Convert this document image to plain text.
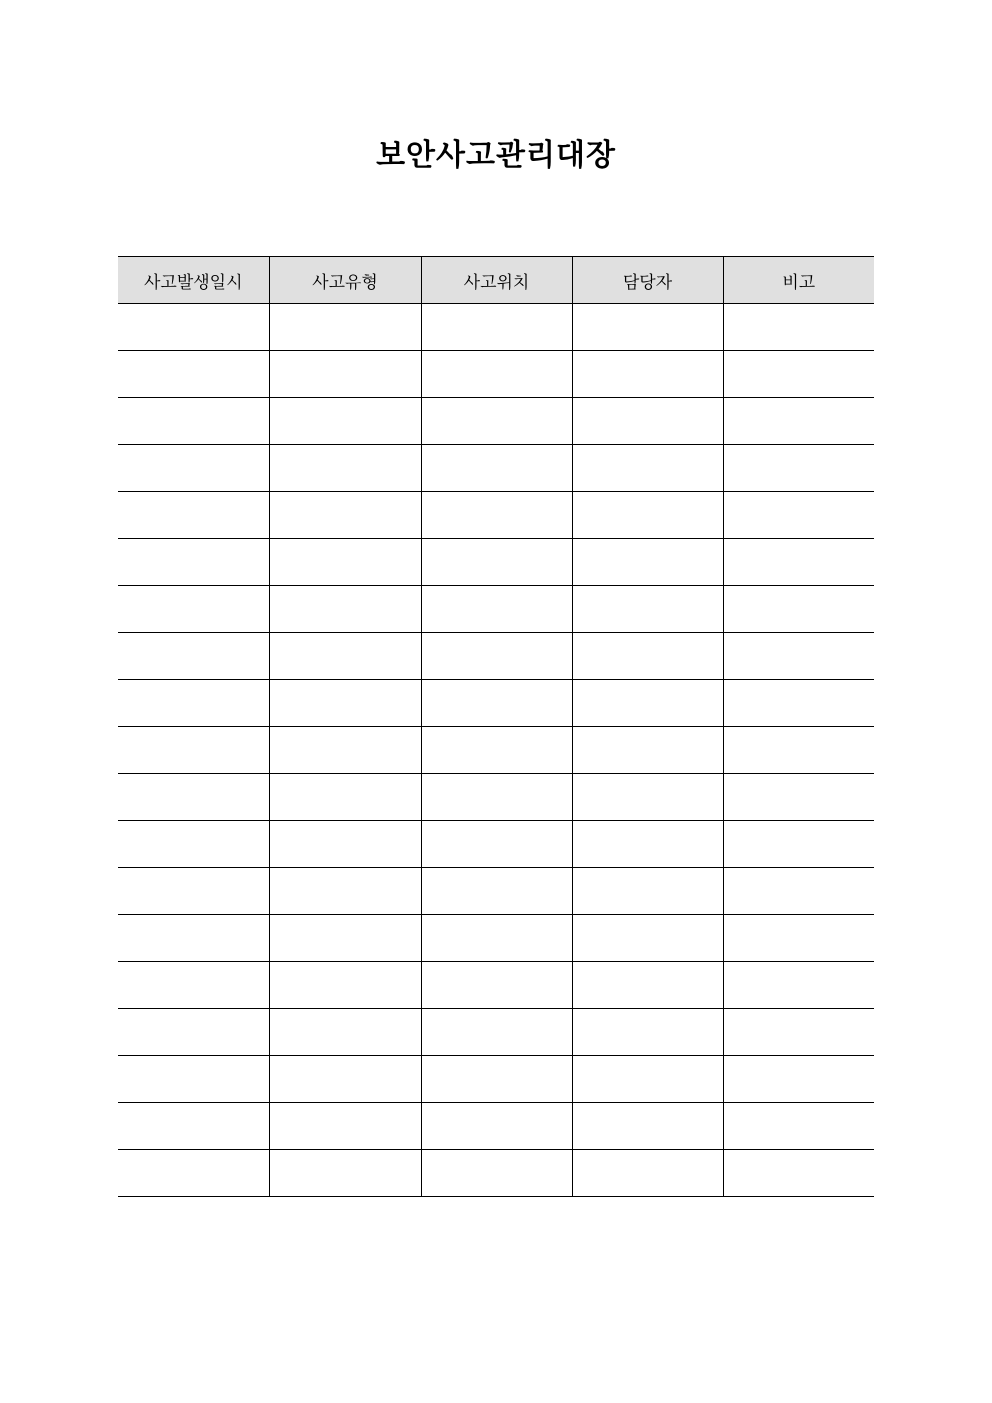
보안사고관리대장
사고발생일시	사고유형	사고위치	담당자	비고
